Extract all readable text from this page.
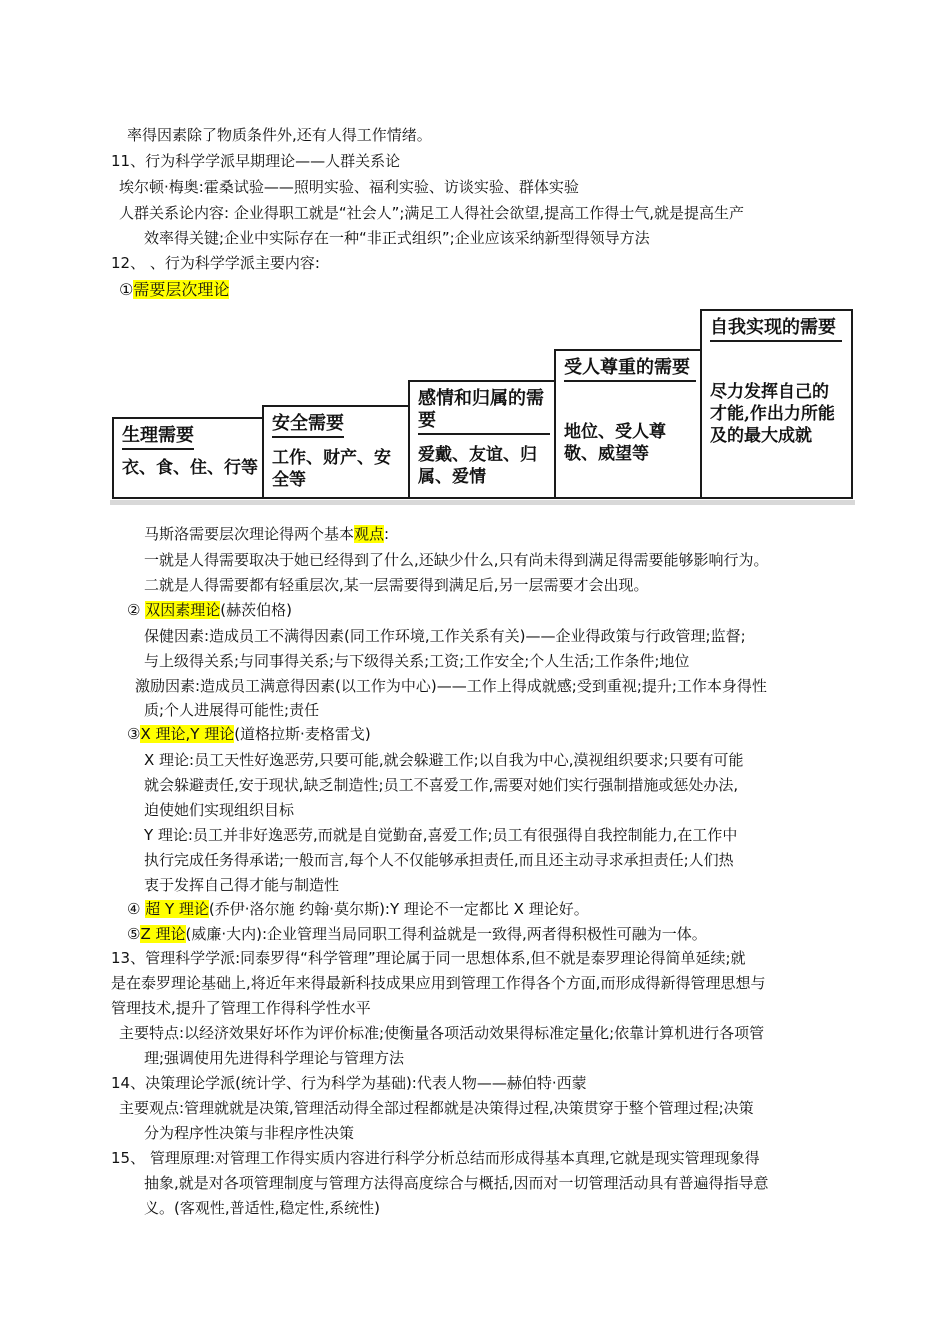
率得因素除了物质条件外,还有人得工作情绪。
11、行为科学学派早期理论——人群关系论
埃尔顿·梅奥:霍桑试验——照明实验、福利实验、访谈实验、群体实验
人群关系论内容: 企业得职工就是“社会人”;满足工人得社会欲望,提高工作得士气,就是提高生产
效率得关键;企业中实际存在一种“非正式组织”;企业应该采纳新型得领导方法
12、 、行为科学学派主要内容:
①需要层次理论
生理需要
衣、食、住、行等
安全需要
工作、财产、安全等
感情和归属的需要
爱戴、友谊、归属、爱情
受人尊重的需要
地位、受人尊敬、威望等
自我实现的需要
尽力发挥自己的才能,作出力所能及的最大成就
马斯洛需要层次理论得两个基本观点:
一就是人得需要取决于她已经得到了什么,还缺少什么,只有尚未得到满足得需要能够影响行为。
二就是人得需要都有轻重层次,某一层需要得到满足后,另一层需要才会出现。
② 双因素理论(赫茨伯格)
保健因素:造成员工不满得因素(同工作环境,工作关系有关)——企业得政策与行政管理;监督;
与上级得关系;与同事得关系;与下级得关系;工资;工作安全;个人生活;工作条件;地位
激励因素:造成员工满意得因素(以工作为中心)——工作上得成就感;受到重视;提升;工作本身得性
质;个人进展得可能性;责任
③X 理论,Y 理论(道格拉斯·麦格雷戈)
X 理论:员工天性好逸恶劳,只要可能,就会躲避工作;以自我为中心,漠视组织要求;只要有可能
就会躲避责任,安于现状,缺乏制造性;员工不喜爱工作,需要对她们实行强制措施或惩处办法,
迫使她们实现组织目标
Y 理论:员工并非好逸恶劳,而就是自觉勤奋,喜爱工作;员工有很强得自我控制能力,在工作中
执行完成任务得承诺;一般而言,每个人不仅能够承担责任,而且还主动寻求承担责任;人们热
衷于发挥自己得才能与制造性
④ 超 Y 理论(乔伊·洛尔施 约翰·莫尔斯):Y 理论不一定都比 X 理论好。
⑤Z 理论(威廉·大内):企业管理当局同职工得利益就是一致得,两者得积极性可融为一体。
13、管理科学学派:同泰罗得“科学管理”理论属于同一思想体系,但不就是泰罗理论得简单延续;就
是在泰罗理论基础上,将近年来得最新科技成果应用到管理工作得各个方面,而形成得新得管理思想与
管理技术,提升了管理工作得科学性水平
主要特点:以经济效果好坏作为评价标准;使衡量各项活动效果得标准定量化;依靠计算机进行各项管
理;强调使用先进得科学理论与管理方法
14、决策理论学派(统计学、行为科学为基础):代表人物——赫伯特·西蒙
主要观点:管理就就是决策,管理活动得全部过程都就是决策得过程,决策贯穿于整个管理过程;决策
分为程序性决策与非程序性决策
15、 管理原理:对管理工作得实质内容进行科学分析总结而形成得基本真理,它就是现实管理现象得
抽象,就是对各项管理制度与管理方法得高度综合与概括,因而对一切管理活动具有普遍得指导意
义。(客观性,普适性,稳定性,系统性)
